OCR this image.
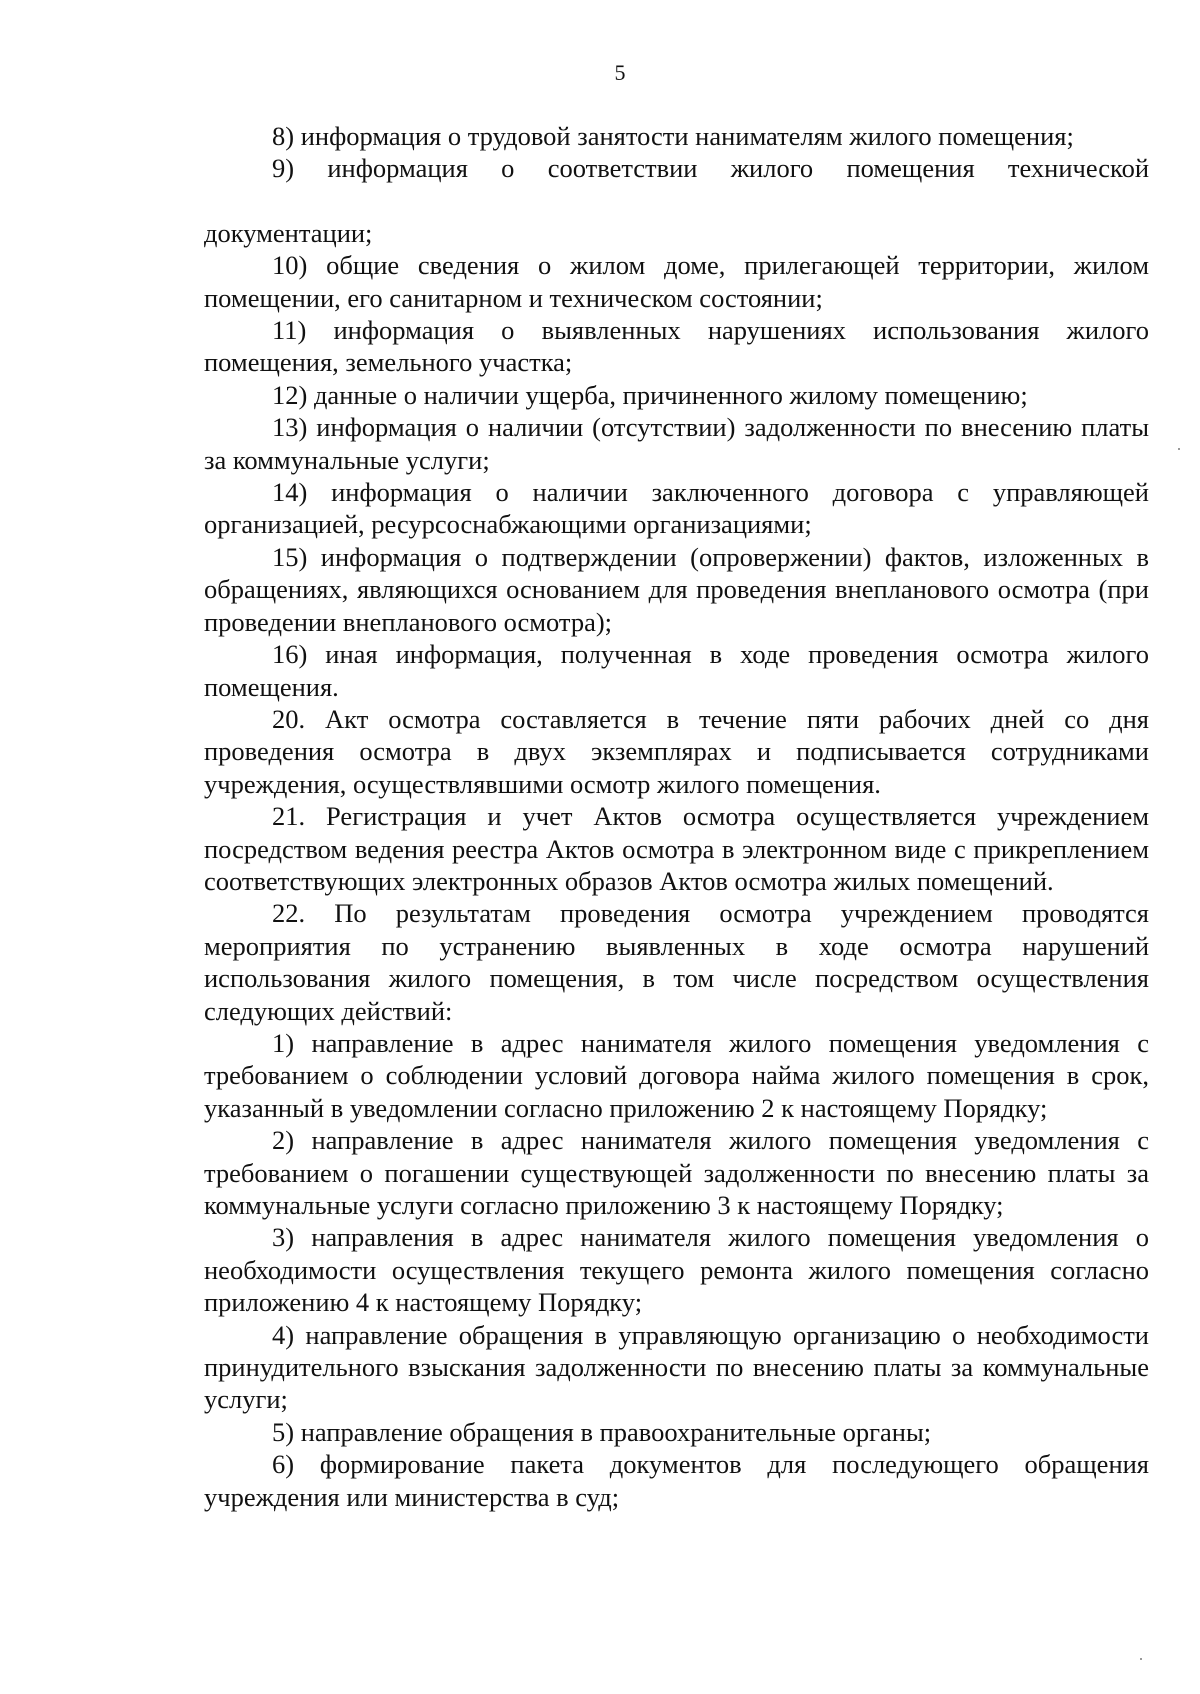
5

8) информация о трудовой занятости нанимателям жилого помещения;

9) информация о соответствии жилого помещения технической

документации;

10) общие сведения о жилом доме, прилегающей территории, жилом помещении, его санитарном и техническом состоянии;

11) информация о выявленных нарушениях использования жилого помещения, земельного участка;

12) данные о наличии ущерба, причиненного жилому помещению;

13) информация о наличии (отсутствии) задолженности по внесению платы за коммунальные услуги;

14) информация о наличии заключенного договора с управляющей организацией, ресурсоснабжающими организациями;

15) информация о подтверждении (опровержении) фактов, изложенных в обращениях, являющихся основанием для проведения внепланового осмотра (при проведении внепланового осмотра);

16) иная информация, полученная в ходе проведения осмотра жилого помещения.

20. Акт осмотра составляется в течение пяти рабочих дней со дня проведения осмотра в двух экземплярах и подписывается сотрудниками учреждения, осуществлявшими осмотр жилого помещения.

21. Регистрация и учет Актов осмотра осуществляется учреждением посредством ведения реестра Актов осмотра в электронном виде с прикреплением соответствующих электронных образов Актов осмотра жилых помещений.

22. По результатам проведения осмотра учреждением проводятся мероприятия по устранению выявленных в ходе осмотра нарушений использования жилого помещения, в том числе посредством осуществления следующих действий:

1) направление в адрес нанимателя жилого помещения уведомления с требованием о соблюдении условий договора найма жилого помещения в срок, указанный в уведомлении согласно приложению 2 к настоящему Порядку;

2) направление в адрес нанимателя жилого помещения уведомления с требованием о погашении существующей задолженности по внесению платы за коммунальные услуги согласно приложению 3 к настоящему Порядку;

3) направления в адрес нанимателя жилого помещения уведомления о необходимости осуществления текущего ремонта жилого помещения согласно приложению 4 к настоящему Порядку;

4) направление обращения в управляющую организацию о необходимости принудительного взыскания задолженности по внесению платы за коммунальные услуги;

5) направление обращения в правоохранительные органы;

6) формирование пакета документов для последующего обращения учреждения или министерства в суд;
